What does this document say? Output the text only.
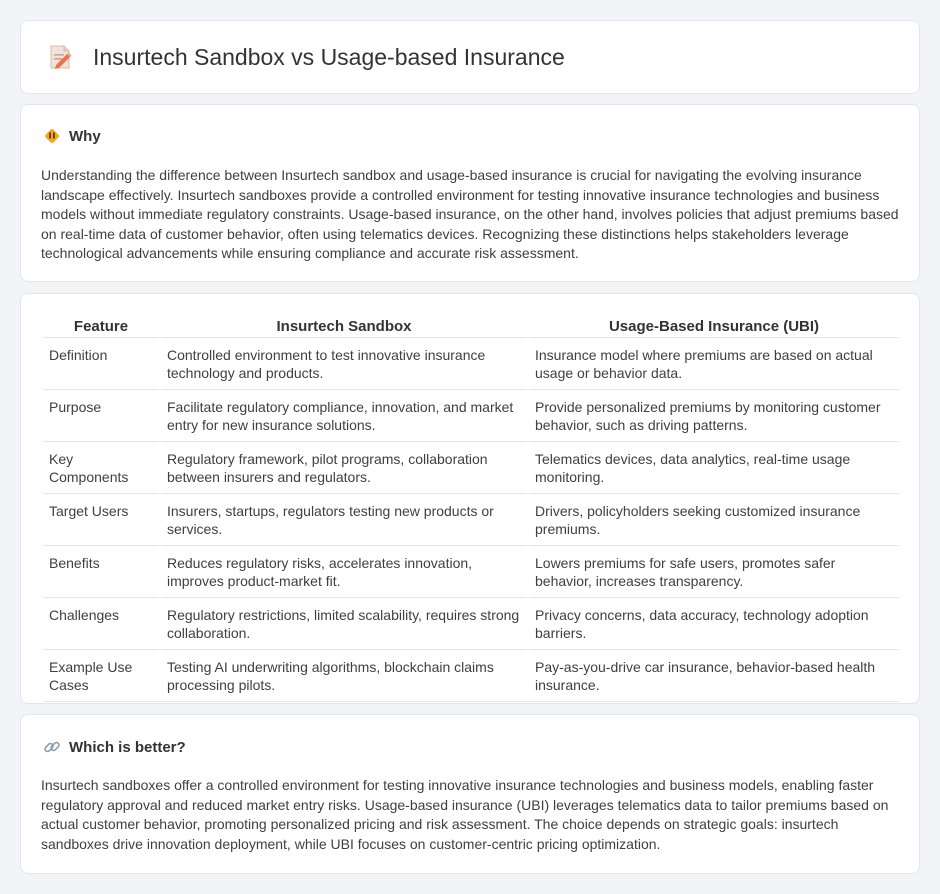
Insurtech Sandbox vs Usage-based Insurance
Why

Understanding the difference between Insurtech sandbox and usage-based insurance is crucial for navigating the evolving insurance landscape effectively. Insurtech sandboxes provide a controlled environment for testing innovative insurance technologies and business models without immediate regulatory constraints. Usage-based insurance, on the other hand, involves policies that adjust premiums based on real-time data of customer behavior, often using telematics devices. Recognizing these distinctions helps stakeholders leverage technological advancements while ensuring compliance and accurate risk assessment.

Feature	Insurtech Sandbox	Usage-Based Insurance (UBI)
Definition	Controlled environment to test innovative insurance technology and products.	Insurance model where premiums are based on actual usage or behavior data.
Purpose	Facilitate regulatory compliance, innovation, and market entry for new insurance solutions.	Provide personalized premiums by monitoring customer behavior, such as driving patterns.
Key Components	Regulatory framework, pilot programs, collaboration between insurers and regulators.	Telematics devices, data analytics, real-time usage monitoring.
Target Users	Insurers, startups, regulators testing new products or services.	Drivers, policyholders seeking customized insurance premiums.
Benefits	Reduces regulatory risks, accelerates innovation, improves product-market fit.	Lowers premiums for safe users, promotes safer behavior, increases transparency.
Challenges	Regulatory restrictions, limited scalability, requires strong collaboration.	Privacy concerns, data accuracy, technology adoption barriers.
Example Use Cases	Testing AI underwriting algorithms, blockchain claims processing pilots.	Pay-as-you-drive car insurance, behavior-based health insurance.
Which is better?

Insurtech sandboxes offer a controlled environment for testing innovative insurance technologies and business models, enabling faster regulatory approval and reduced market entry risks. Usage-based insurance (UBI) leverages telematics data to tailor premiums based on actual customer behavior, promoting personalized pricing and risk assessment. The choice depends on strategic goals: insurtech sandboxes drive innovation deployment, while UBI focuses on customer-centric pricing optimization.
